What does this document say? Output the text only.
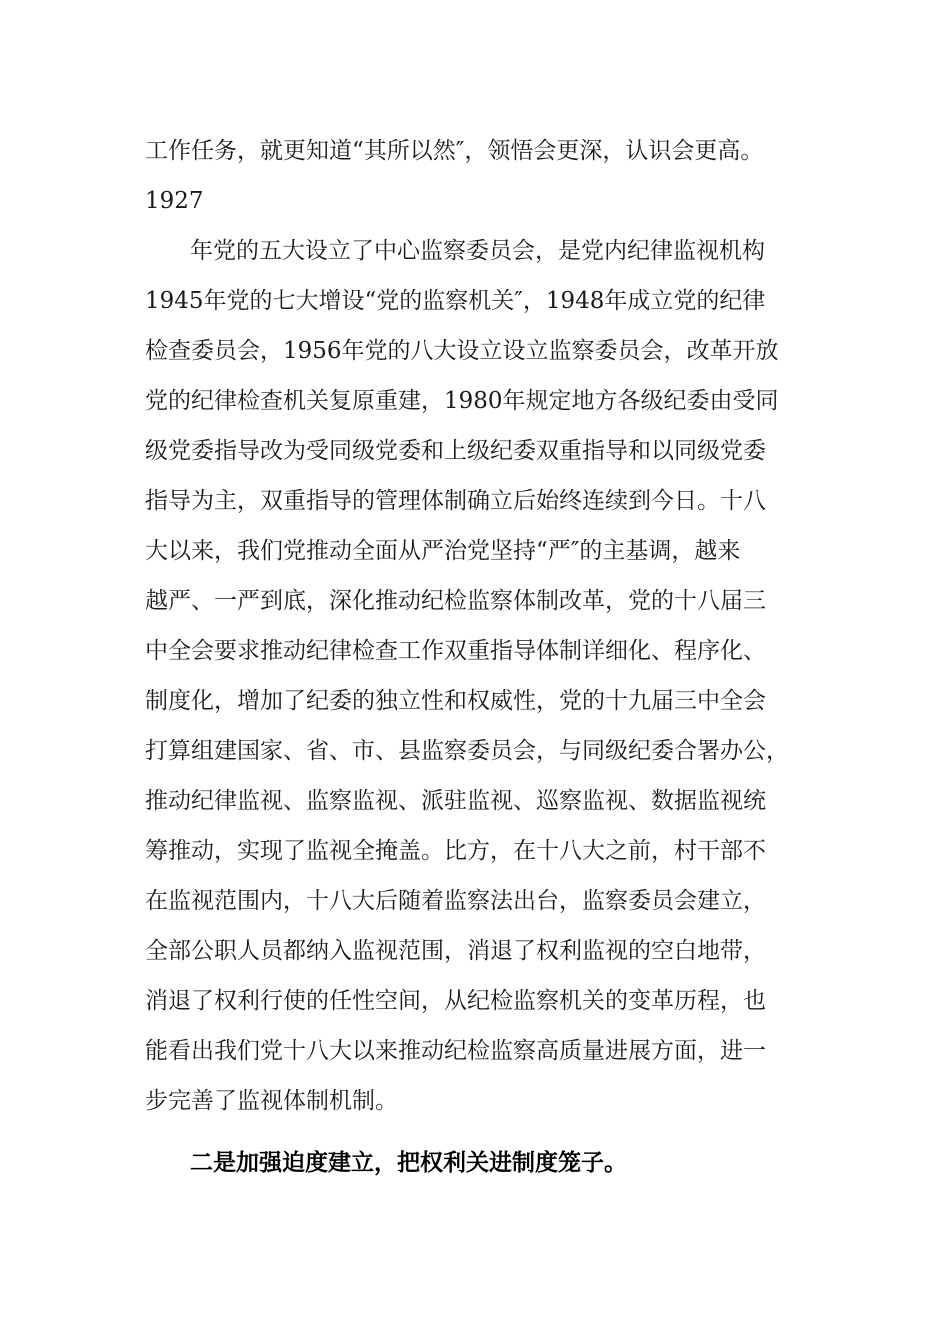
工作任务，就更知道“其所以然″，领悟会更深，认识会更高。

1927

年党的五大设立了中心监察委员会，是党内纪律监视机构

1945年党的七大增设“党的监察机关″，1948年成立党的纪律

检查委员会，1956年党的八大设立设立监察委员会，改革开放

党的纪律检查机关复原重建，1980年规定地方各级纪委由受同

级党委指导改为受同级党委和上级纪委双重指导和以同级党委

指导为主，双重指导的管理体制确立后始终连续到今日。十八

大以来，我们党推动全面从严治党坚持“严″的主基调，越来

越严、一严到底，深化推动纪检监察体制改革，党的十八届三

中全会要求推动纪律检查工作双重指导体制详细化、程序化、

制度化，增加了纪委的独立性和权威性，党的十九届三中全会

打算组建国家、省、市、县监察委员会，与同级纪委合署办公，

推动纪律监视、监察监视、派驻监视、巡察监视、数据监视统

筹推动，实现了监视全掩盖。比方，在十八大之前，村干部不

在监视范围内，十八大后随着监察法出台，监察委员会建立，

全部公职人员都纳入监视范围，消退了权利监视的空白地带，

消退了权利行使的任性空间，从纪检监察机关的变革历程，也

能看出我们党十八大以来推动纪检监察高质量进展方面，进一

步完善了监视体制机制。

二是加强迫度建立，把权利关进制度笼子。
